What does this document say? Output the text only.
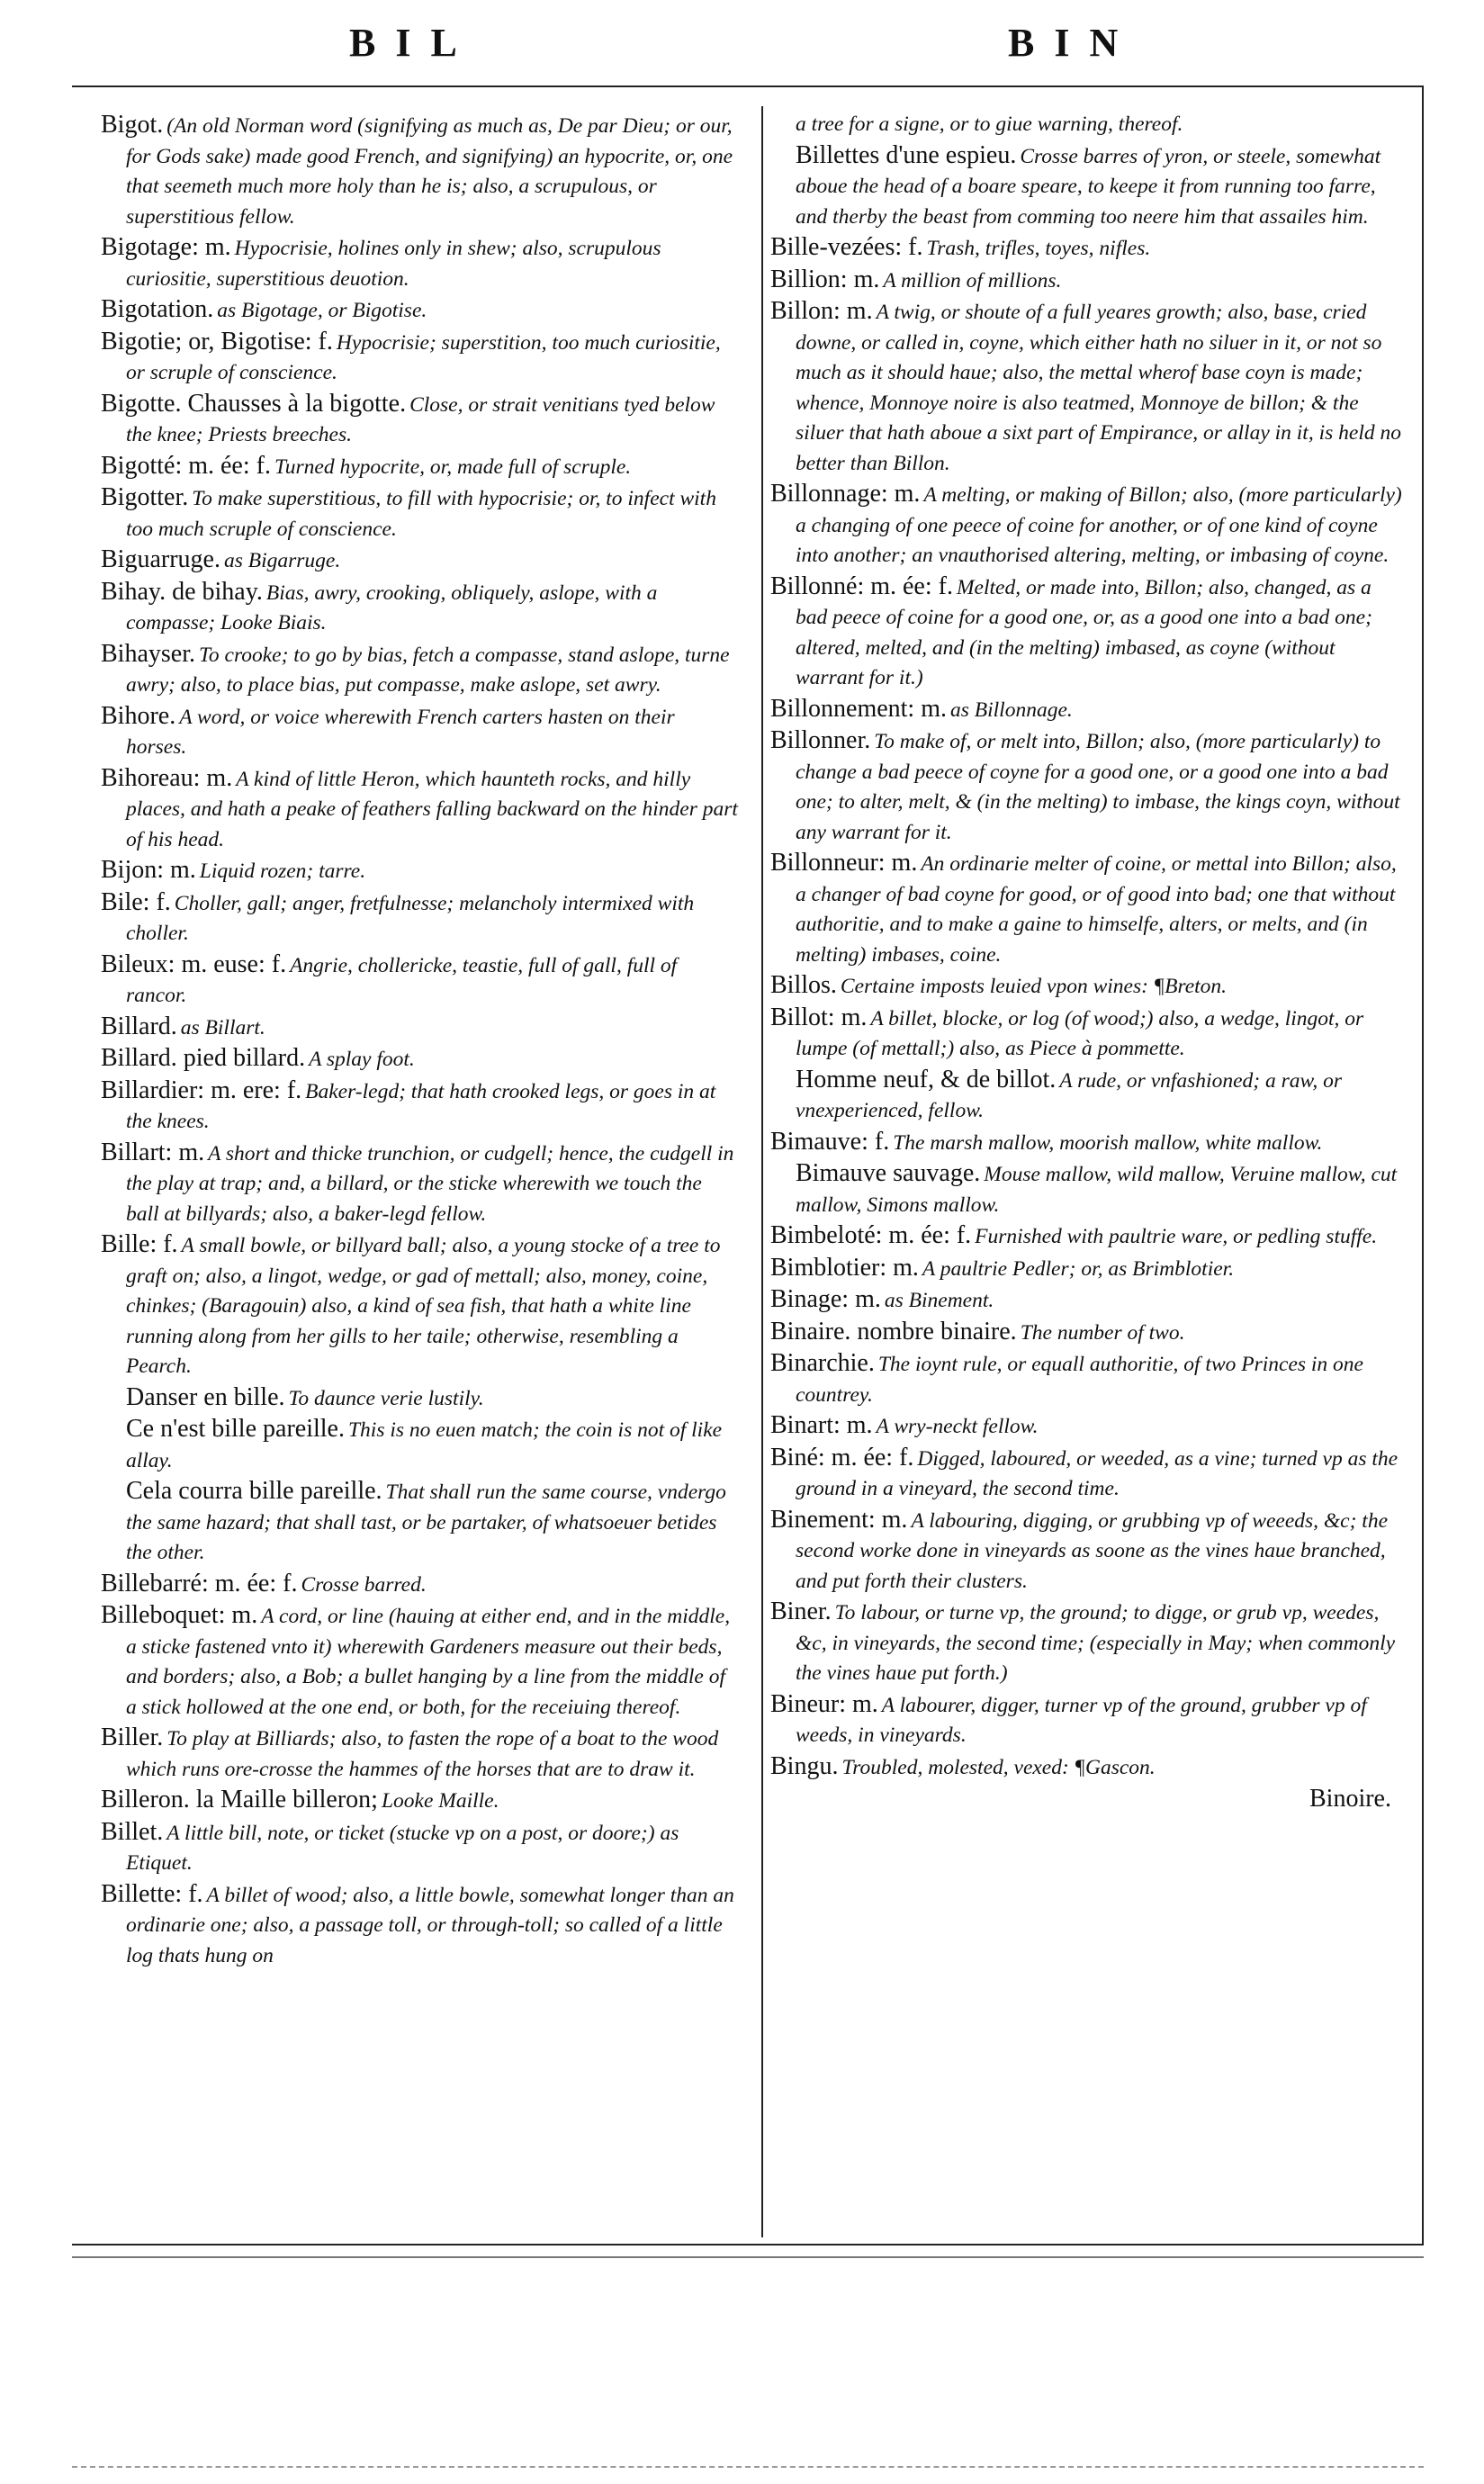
BIL	BIN

Bigot. (An old Norman word (signifying as much as, De par Dieu; or our, for Gods sake) made good French, and signifying) an hypocrite, or, one that seemeth much more holy than he is; also, a scrupulous, or superstitious fellow.

Bigotage: m. Hypocrisie, holines only in shew; also, scrupulous curiositie, superstitious deuotion.

Bigotation. as Bigotage, or Bigotise.

Bigotie; or, Bigotise: f. Hypocrisie; superstition, too much curiositie, or scruple of conscience.

Bigotte. Chausses à la bigotte. Close, or strait venitians tyed below the knee; Priests breeches.

Bigotté: m. ée: f. Turned hypocrite, or, made full of scruple.

Bigotter. To make superstitious, to fill with hypocrisie; or, to infect with too much scruple of conscience.

Biguarruge. as Bigarruge.

Bihay. de bihay. Bias, awry, crooking, obliquely, aslope, with a compasse; Looke Biais.

Bihayser. To crooke; to go by bias, fetch a compasse, stand aslope, turne awry; also, to place bias, put compasse, make aslope, set awry.

Bihore. A word, or voice wherewith French carters hasten on their horses.

Bihoreau: m. A kind of little Heron, which haunteth rocks, and hilly places, and hath a peake of feathers falling backward on the hinder part of his head.

Bijon: m. Liquid rozen; tarre.

Bile: f. Choller, gall; anger, fretfulnesse; melancholy intermixed with choller.

Bileux: m. euse: f. Angrie, chollericke, teastie, full of gall, full of rancor.

Billard. as Billart.

Billard. pied billard. A splay foot.

Billardier: m. ere: f. Baker-legd; that hath crooked legs, or goes in at the knees.

Billart: m. A short and thicke trunchion, or cudgell; hence, the cudgell in the play at trap; and, a billard, or the sticke wherewith we touch the ball at billyards; also, a baker-legd fellow.

Bille: f. A small bowle, or billyard ball; also, a young stocke of a tree to graft on; also, a lingot, wedge, or gad of mettall; also, money, coine, chinkes; (Baragouin) also, a kind of sea fish, that hath a white line running along from her gills to her taile; otherwise, resembling a Pearch.

Danser en bille. To daunce verie lustily.

Ce n'est bille pareille. This is no euen match; the coin is not of like allay.

Cela courra bille pareille. That shall run the same course, vndergo the same hazard; that shall tast, or be partaker, of whatsoeuer betides the other.

Billebarré: m. ée: f. Crosse barred.

Billeboquet: m. A cord, or line (hauing at either end, and in the middle, a sticke fastened vnto it) wherewith Gardeners measure out their beds, and borders; also, a Bob; a bullet hanging by a line from the middle of a stick hollowed at the one end, or both, for the receiuing thereof.

Biller. To play at Billiards; also, to fasten the rope of a boat to the wood which runs ore-crosse the hammes of the horses that are to draw it.

Billeron. la Maille billeron; Looke Maille.

Billet. A little bill, note, or ticket (stucke vp on a post, or doore;) as Etiquet.

Billette: f. A billet of wood; also, a little bowle, somewhat longer than an ordinarie one; also, a passage toll, or through-toll; so called of a little log thats hung on

a tree for a signe, or to giue warning, thereof.

Billettes d'une espieu. Crosse barres of yron, or steele, somewhat aboue the head of a boare speare, to keepe it from running too farre, and therby the beast from comming too neere him that assailes him.

Bille-vezées: f. Trash, trifles, toyes, nifles.

Billion: m. A million of millions.

Billon: m. A twig, or shoute of a full yeares growth; also, base, cried downe, or called in, coyne, which either hath no siluer in it, or not so much as it should haue; also, the mettal wherof base coyn is made; whence, Monnoye noire is also teatmed, Monnoye de billon; & the siluer that hath aboue a sixt part of Empirance, or allay in it, is held no better than Billon.

Billonnage: m. A melting, or making of Billon; also, (more particularly) a changing of one peece of coine for another, or of one kind of coyne into another; an vnauthorised altering, melting, or imbasing of coyne.

Billonné: m. ée: f. Melted, or made into, Billon; also, changed, as a bad peece of coine for a good one, or, as a good one into a bad one; altered, melted, and (in the melting) imbased, as coyne (without warrant for it.)

Billonnement: m. as Billonnage.

Billonner. To make of, or melt into, Billon; also, (more particularly) to change a bad peece of coyne for a good one, or a good one into a bad one; to alter, melt, & (in the melting) to imbase, the kings coyn, without any warrant for it.

Billonneur: m. An ordinarie melter of coine, or mettal into Billon; also, a changer of bad coyne for good, or of good into bad; one that without authoritie, and to make a gaine to himselfe, alters, or melts, and (in melting) imbases, coine.

Billos. Certaine imposts leuied vpon wines: ¶Breton.

Billot: m. A billet, blocke, or log (of wood;) also, a wedge, lingot, or lumpe (of mettall;) also, as Piece à pommette.

Homme neuf, & de billot. A rude, or vnfashioned; a raw, or vnexperienced, fellow.

Bimauve: f. The marsh mallow, moorish mallow, white mallow.

Bimauve sauvage. Mouse mallow, wild mallow, Veruine mallow, cut mallow, Simons mallow.

Bimbeloté: m. ée: f. Furnished with paultrie ware, or pedling stuffe.

Bimblotier: m. A paultrie Pedler; or, as Brimblotier.

Binage: m. as Binement.

Binaire. nombre binaire. The number of two.

Binarchie. The ioynt rule, or equall authoritie, of two Princes in one countrey.

Binart: m. A wry-neckt fellow.

Biné: m. ée: f. Digged, laboured, or weeded, as a vine; turned vp as the ground in a vineyard, the second time.

Binement: m. A labouring, digging, or grubbing vp of weeeds, &c; the second worke done in vineyards as soone as the vines haue branched, and put forth their clusters.

Biner. To labour, or turne vp, the ground; to digge, or grub vp, weedes, &c, in vineyards, the second time; (especially in May; when commonly the vines haue put forth.)

Bineur: m. A labourer, digger, turner vp of the ground, grubber vp of weeds, in vineyards.

Bingu. Troubled, molested, vexed: ¶Gascon.

Binoire.
